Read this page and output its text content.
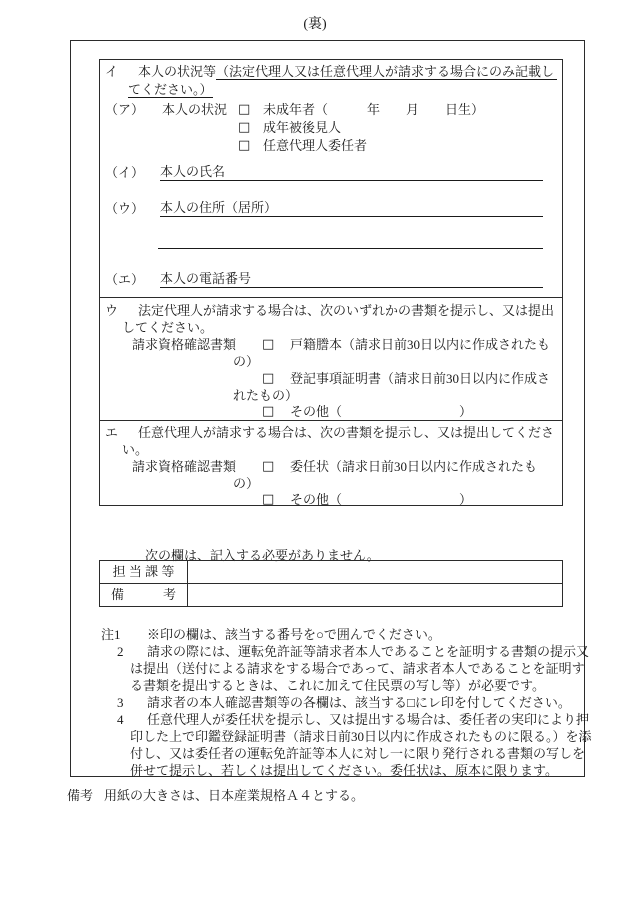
(裏)

イ

本人の状況等

（法定代理人又は任意代理人が請求する場合にのみ記載し

てください。）

（ア）

本人の状況

□

未成年者（　　　年　　月　　日生）

□

成年被後見人

□

任意代理人委任者

（イ）

本人の氏名

（ウ）

本人の住所（居所）

（エ）

本人の電話番号

ウ

法定代理人が請求する場合は、次のいずれかの書類を提示し、又は提出

してください。

請求資格確認書類

□

戸籍謄本（請求日前30日以内に作成されたも

の）

□

登記事項証明書（請求日前30日以内に作成さ

れたもの）

□

その他（　　　　　　　　　）

エ

任意代理人が請求する場合は、次の書類を提示し、又は提出してくださ

い。

請求資格確認書類

□

委任状（請求日前30日以内に作成されたも

の）

□

その他（　　　　　　　　　）

次の欄は、記入する必要がありません。
担 当 課 等
備　　　考

注1

※印の欄は、該当する番号を○で囲んでください。

2

請求の際には、運転免許証等請求者本人であることを証明する書類の提示又

は提出（送付による請求をする場合であって、請求者本人であることを証明す

る書類を提出するときは、これに加えて住民票の写し等）が必要です。

3

請求者の本人確認書類等の各欄は、該当する□にレ印を付してください。

4

任意代理人が委任状を提示し、又は提出する場合は、委任者の実印により押

印した上で印鑑登録証明書（請求日前30日以内に作成されたものに限る。）を添

付し、又は委任者の運転免許証等本人に対し一に限り発行される書類の写しを

併せて提示し、若しくは提出してください。委任状は、原本に限ります。

備考

用紙の大きさは、日本産業規格Ａ４とする。
